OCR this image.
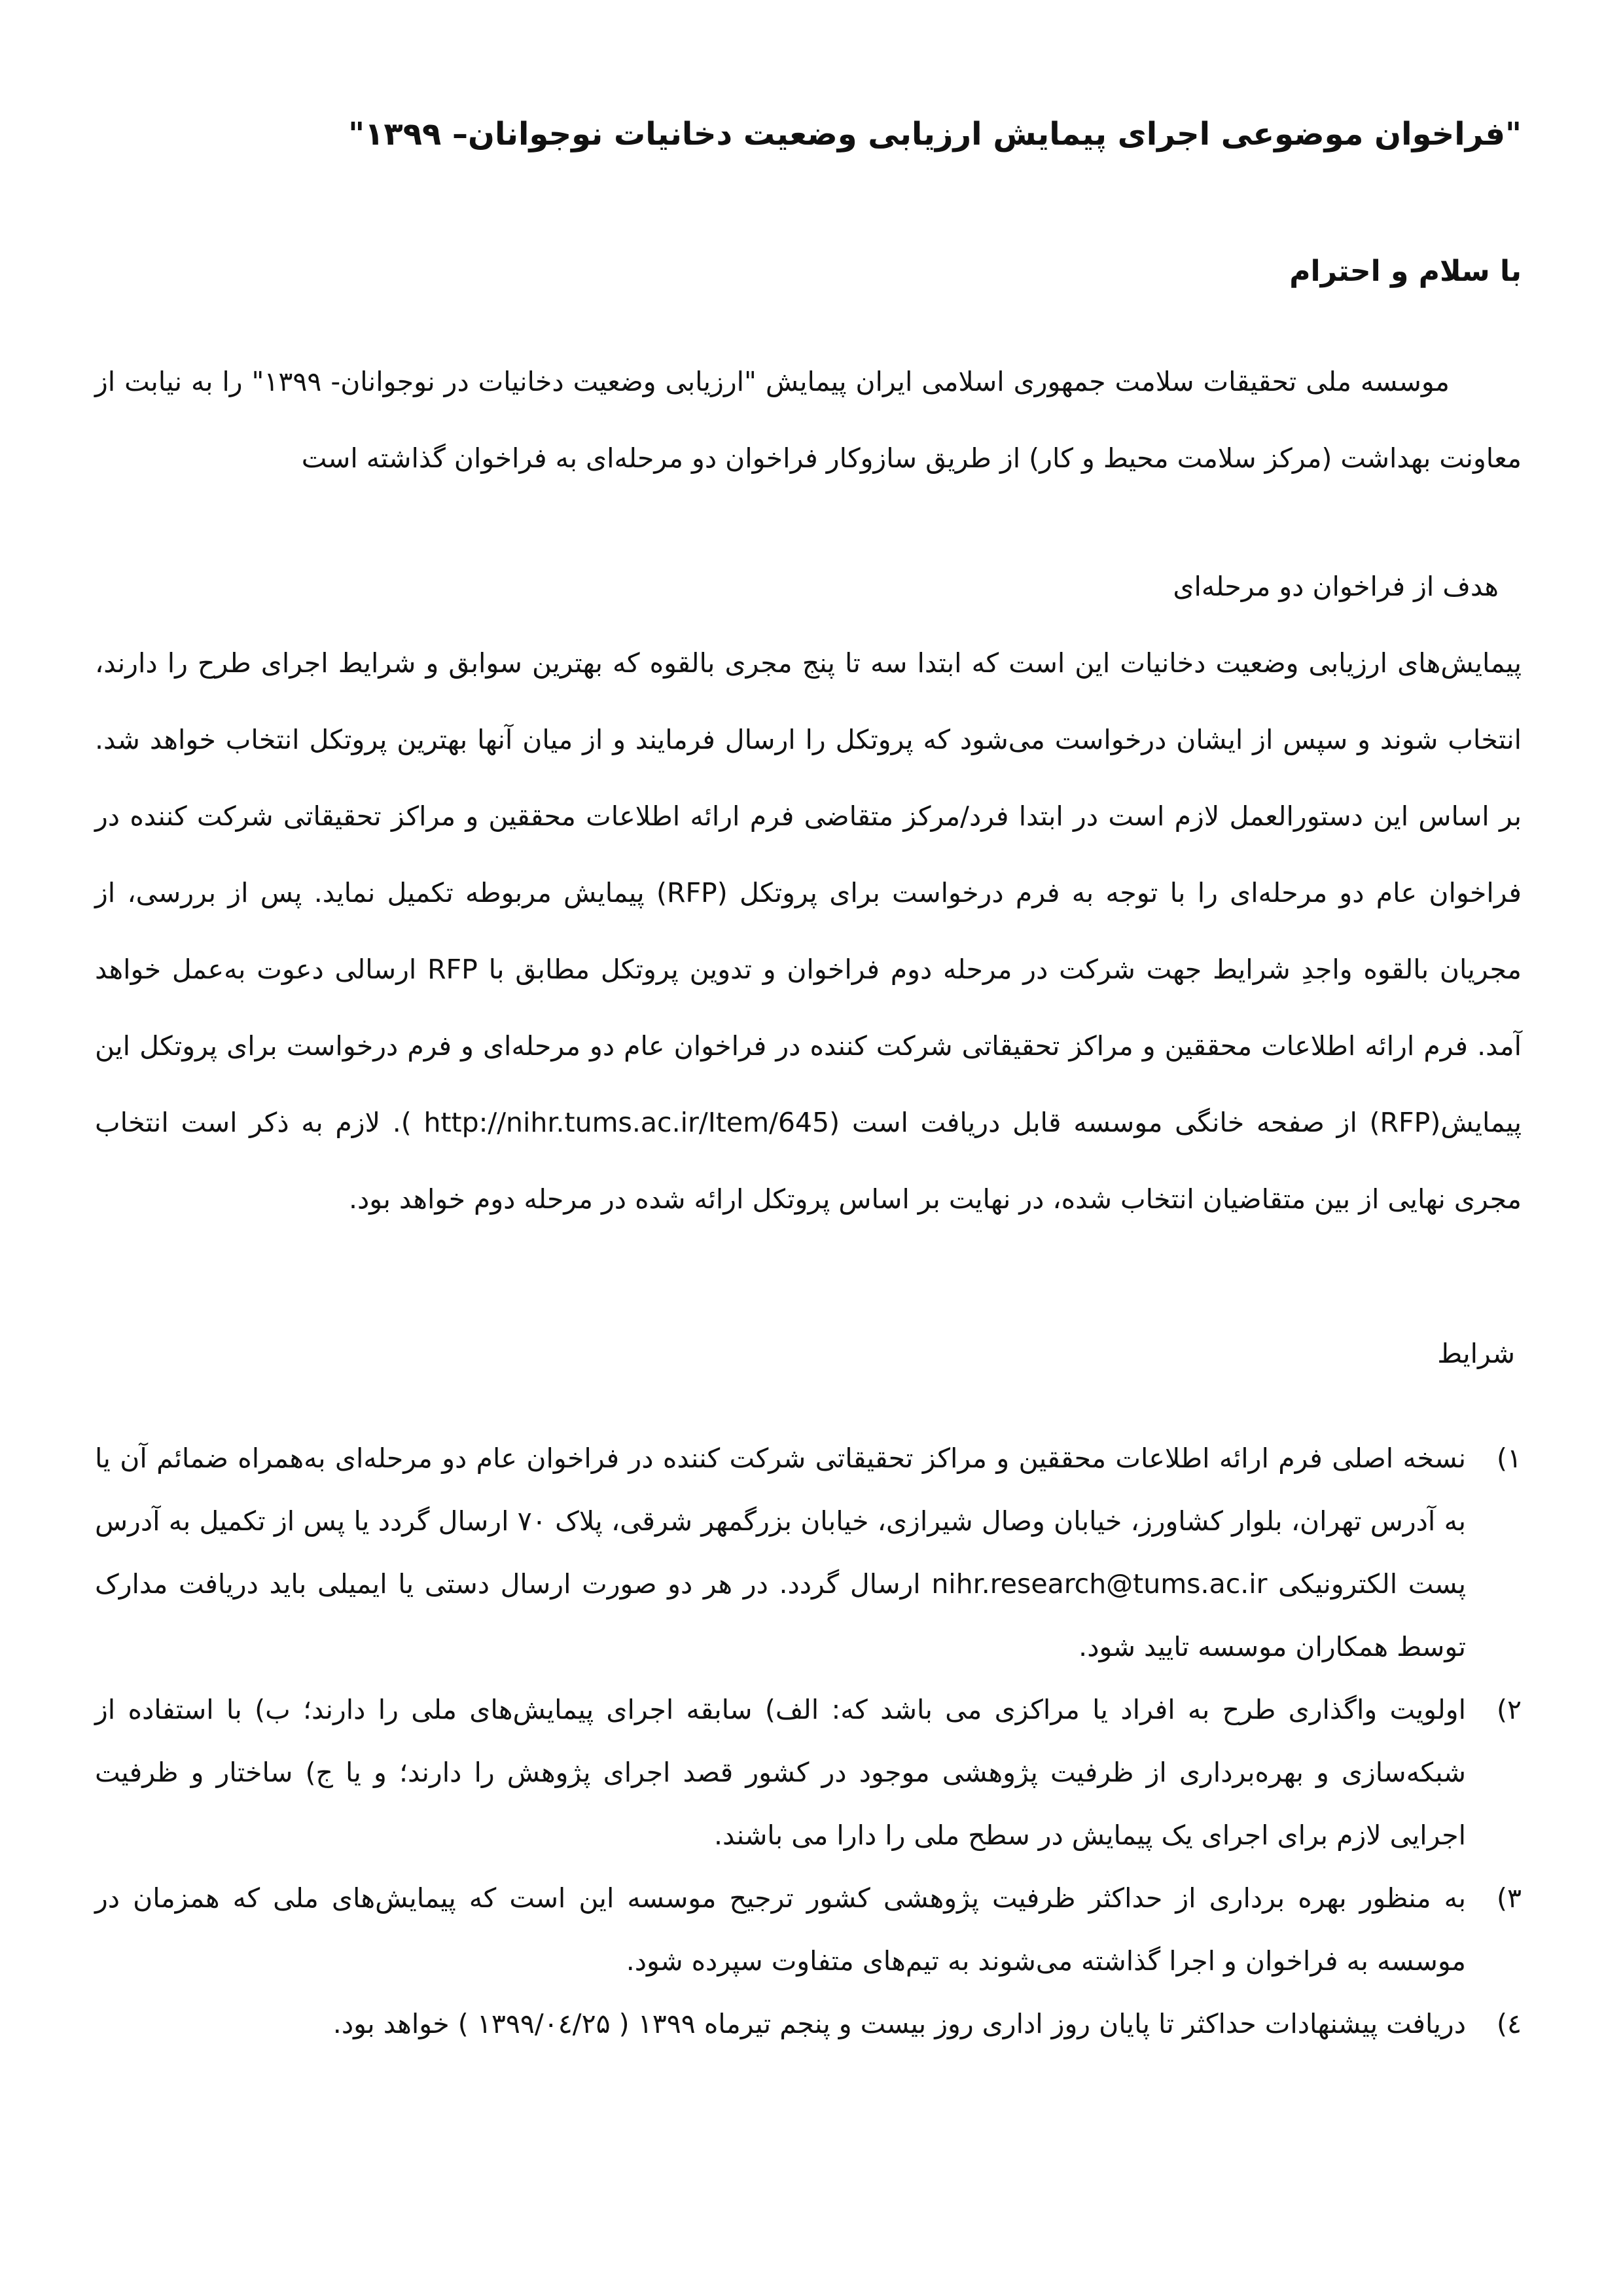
"فراخوان موضوعی اجرای پیمایش ارزیابی وضعیت دخانیات نوجوانان– ۱۳۹۹"
با سلام و احترام

موسسه ملی تحقیقات سلامت جمهوری اسلامی ایران پیمایش "ارزیابی وضعیت دخانیات در نوجوانان- ۱۳۹۹" را به نیابت از معاونت بهداشت (مرکز سلامت محیط و کار) از طریق سازوکار فراخوان دو مرحله‌ای به فراخوان گذاشته است

هدف از فراخوان دو مرحله‌ای

پیمایش‌های ارزیابی وضعیت دخانیات این است که ابتدا سه تا پنج مجری بالقوه که بهترین سوابق و شرایط اجرای طرح را دارند، انتخاب شوند و سپس از ایشان درخواست می‌شود که پروتکل را ارسال فرمایند و از میان آنها بهترین پروتکل انتخاب خواهد شد. بر اساس این دستورالعمل لازم است در ابتدا فرد/مرکز متقاضی فرم ارائه اطلاعات محققین و مراکز تحقیقاتی شرکت کننده در فراخوان عام دو مرحله‌ای را با توجه به فرم درخواست برای پروتکل (RFP) پیمایش مربوطه تکمیل نماید. پس از بررسی، از مجریان بالقوه واجدِ شرایط جهت شرکت در مرحله دوم فراخوان و تدوین پروتکل مطابق با RFP ارسالی دعوت به‌عمل خواهد آمد. فرم ارائه اطلاعات محققین و مراکز تحقیقاتی شرکت کننده در فراخوان عام دو مرحله‌ای و فرم درخواست برای پروتکل این پیمایش(RFP) از صفحه خانگی موسسه قابل دریافت است (http://nihr.tums.ac.ir/Item/645 ). لازم به ذکر است انتخاب مجری نهایی از بین متقاضیان انتخاب شده، در نهایت بر اساس پروتکل ارائه شده در مرحله دوم خواهد بود.

شرایط
۱)
نسخه اصلی فرم ارائه اطلاعات محققین و مراکز تحقیقاتی شرکت کننده در فراخوان عام دو مرحله‌ای به‌همراه ضمائم آن یا به آدرس تهران، بلوار کشاورز، خیابان وصال شیرازی، خیابان بزرگمهر شرقی، پلاک ۷۰ ارسال گردد یا پس از تکمیل به آدرس پست الکترونیکی nihr.research@tums.ac.ir ارسال گردد. در هر دو صورت ارسال دستی یا ایمیلی باید دریافت مدارک توسط همکاران موسسه تایید شود.
۲)
اولویت واگذاری طرح به افراد یا مراکزی می باشد که: الف) سابقه اجرای پیمایش‌های ملی را دارند؛ ب) با استفاده از شبکه‌سازی و بهره‌برداری از ظرفیت پژوهشی موجود در کشور قصد اجرای پژوهش را دارند؛ و یا ج) ساختار و ظرفیت اجرایی لازم برای اجرای یک پیمایش در سطح ملی را دارا می باشند.
۳)
به منظور بهره برداری از حداکثر ظرفیت پژوهشی کشور ترجیح موسسه این است که پیمایش‌های ملی که همزمان در موسسه به فراخوان و اجرا گذاشته می‌شوند به تیم‌های متفاوت سپرده شود.
٤)
دریافت پیشنهادات حداکثر تا پایان روز اداری روز بیست و پنجم تیرماه ۱۳۹۹ ( ۱۳۹۹/۰٤/۲۵ ) خواهد بود.
